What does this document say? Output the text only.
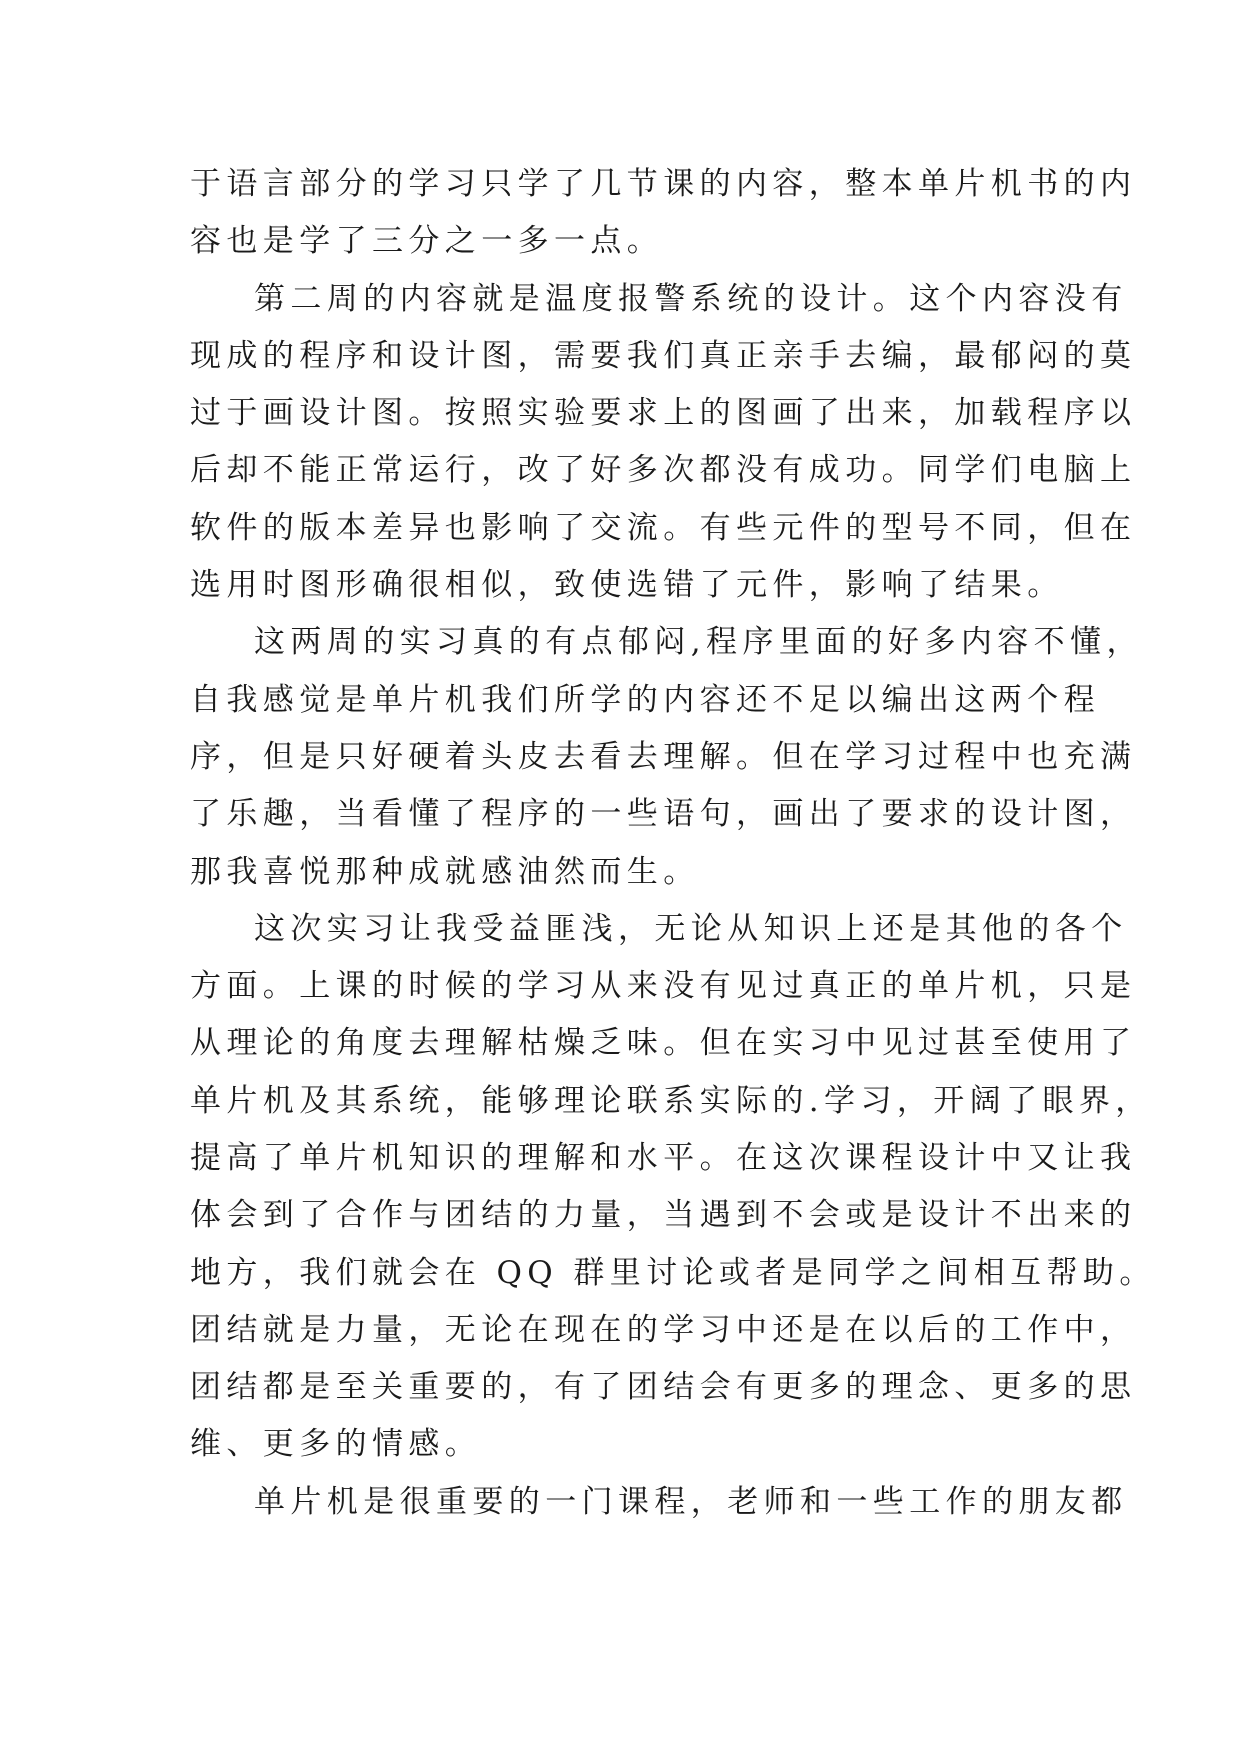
于语言部分的学习只学了几节课的内容，整本单片机书的内
容也是学了三分之一多一点。
第二周的内容就是温度报警系统的设计。这个内容没有
现成的程序和设计图，需要我们真正亲手去编，最郁闷的莫
过于画设计图。按照实验要求上的图画了出来，加载程序以
后却不能正常运行，改了好多次都没有成功。同学们电脑上
软件的版本差异也影响了交流。有些元件的型号不同，但在
选用时图形确很相似，致使选错了元件，影响了结果。
这两周的实习真的有点郁闷,程序里面的好多内容不懂，
自我感觉是单片机我们所学的内容还不足以编出这两个程
序，但是只好硬着头皮去看去理解。但在学习过程中也充满
了乐趣，当看懂了程序的一些语句，画出了要求的设计图，
那我喜悦那种成就感油然而生。
这次实习让我受益匪浅，无论从知识上还是其他的各个
方面。上课的时候的学习从来没有见过真正的单片机，只是
从理论的角度去理解枯燥乏味。但在实习中见过甚至使用了
单片机及其系统，能够理论联系实际的.学习，开阔了眼界，
提高了单片机知识的理解和水平。在这次课程设计中又让我
体会到了合作与团结的力量，当遇到不会或是设计不出来的
地方，我们就会在 QQ 群里讨论或者是同学之间相互帮助。
团结就是力量，无论在现在的学习中还是在以后的工作中，
团结都是至关重要的，有了团结会有更多的理念、更多的思
维、更多的情感。
单片机是很重要的一门课程，老师和一些工作的朋友都
